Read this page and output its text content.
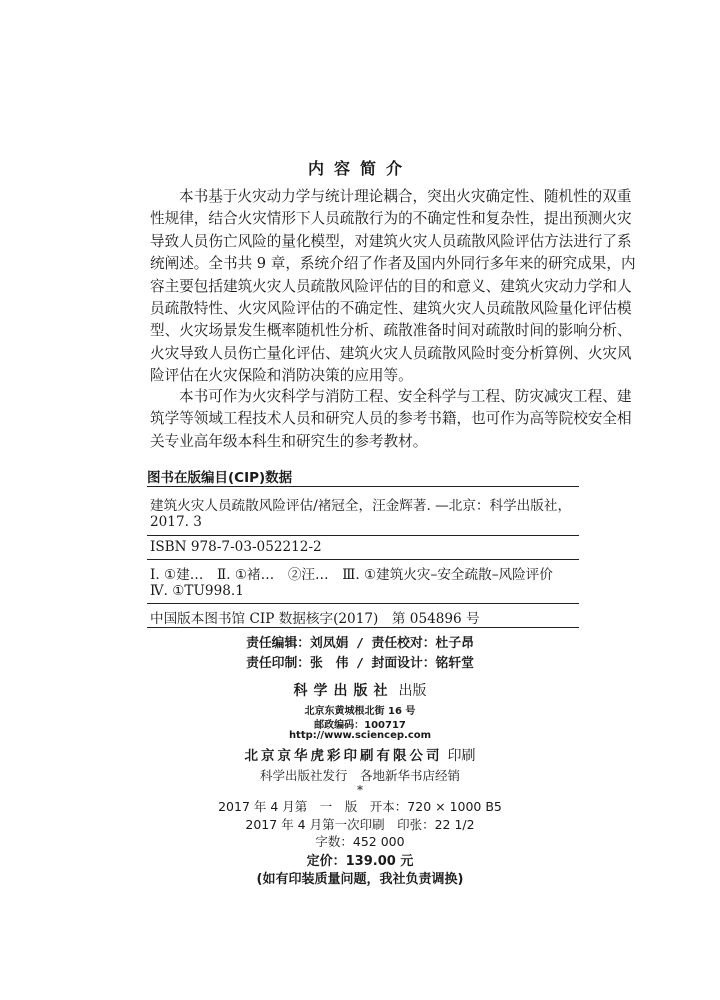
内容简介
本书基于火灾动力学与统计理论耦合，突出火灾确定性、随机性的双重
性规律，结合火灾情形下人员疏散行为的不确定性和复杂性，提出预测火灾
导致人员伤亡风险的量化模型，对建筑火灾人员疏散风险评估方法进行了系
统阐述。全书共 9 章，系统介绍了作者及国内外同行多年来的研究成果，内
容主要包括建筑火灾人员疏散风险评估的目的和意义、建筑火灾动力学和人
员疏散特性、火灾风险评估的不确定性、建筑火灾人员疏散风险量化评估模
型、火灾场景发生概率随机性分析、疏散准备时间对疏散时间的影响分析、
火灾导致人员伤亡量化评估、建筑火灾人员疏散风险时变分析算例、火灾风
险评估在火灾保险和消防决策的应用等。
本书可作为火灾科学与消防工程、安全科学与工程、防灾减灾工程、建
筑学等领域工程技术人员和研究人员的参考书籍，也可作为高等院校安全相
关专业高年级本科生和研究生的参考教材。
图书在版编目(CIP)数据
建筑火灾人员疏散风险评估/褚冠全，汪金辉著. —北京：科学出版社，
2017. 3
ISBN 978-7-03-052212-2
Ⅰ. ①建…　Ⅱ. ①褚…　②汪…　Ⅲ. ①建筑火灾–安全疏散–风险评价
Ⅳ. ①TU998.1
中国版本图书馆 CIP 数据核字(2017)　第 054896 号
责任编辑：刘凤娟 / 责任校对：杜子昂
责任印制：张　伟 / 封面设计：铭轩堂
科学出版社 出版
北京东黄城根北街 16 号
邮政编码：100717
http://www.sciencep.com
北京京华虎彩印刷有限公司 印刷
科学出版社发行　各地新华书店经销
*
2017 年 4 月第　一　版　开本：720 × 1000 B5
2017 年 4 月第一次印刷　印张：22 1/2
字数：452 000
定价：139.00 元
(如有印装质量问题，我社负责调换)
